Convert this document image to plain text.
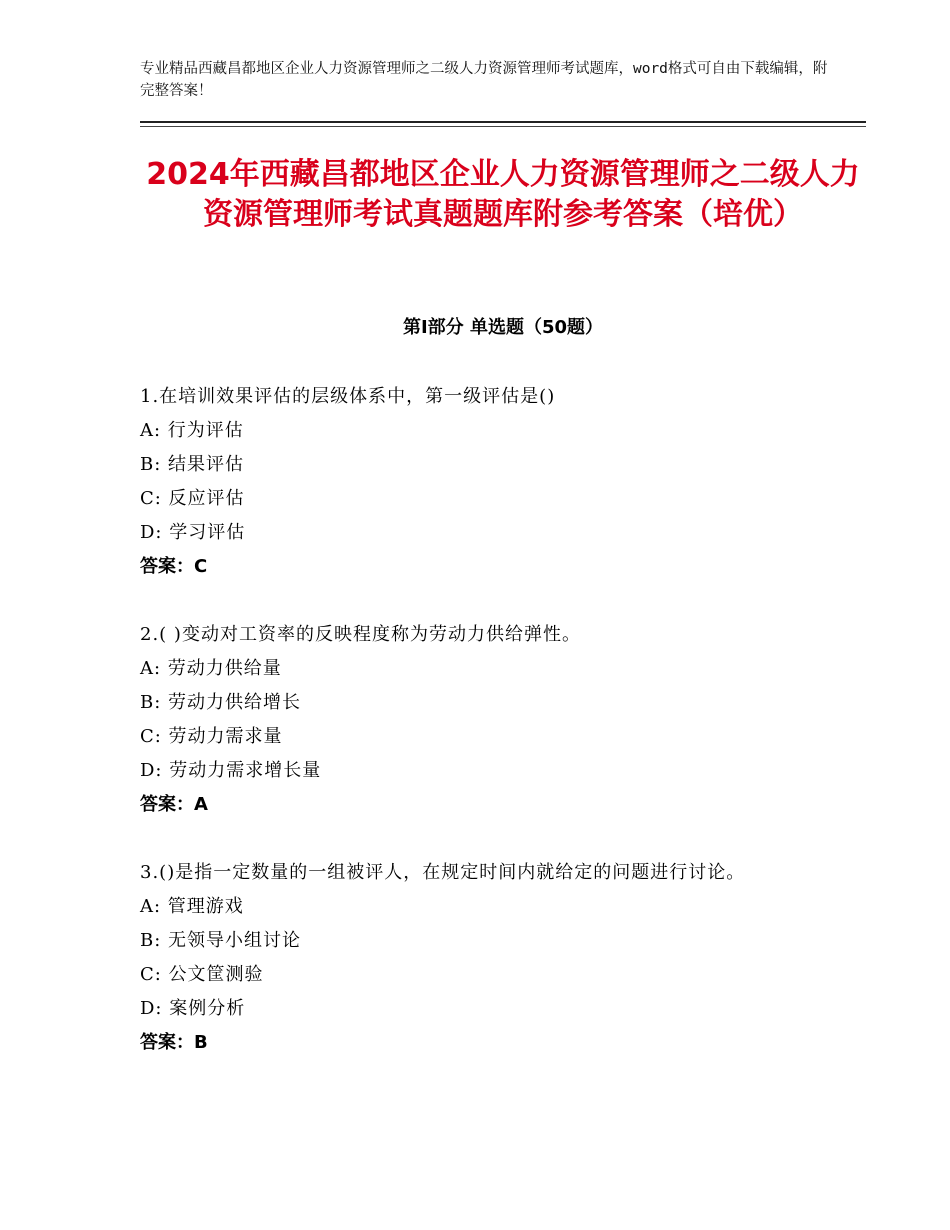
专业精品西藏昌都地区企业人力资源管理师之二级人力资源管理师考试题库，word格式可自由下载编辑，附完整答案！
2024年西藏昌都地区企业人力资源管理师之二级人力资源管理师考试真题题库附参考答案（培优）
第Ⅰ部分 单选题（50题）
1.在培训效果评估的层级体系中，第一级评估是()
A: 行为评估
B: 结果评估
C: 反应评估
D: 学习评估
答案：C
2.( )变动对工资率的反映程度称为劳动力供给弹性。
A: 劳动力供给量
B: 劳动力供给增长
C: 劳动力需求量
D: 劳动力需求增长量
答案：A
3.()是指一定数量的一组被评人，在规定时间内就给定的问题进行讨论。
A: 管理游戏
B: 无领导小组讨论
C: 公文筐测验
D: 案例分析
答案：B
